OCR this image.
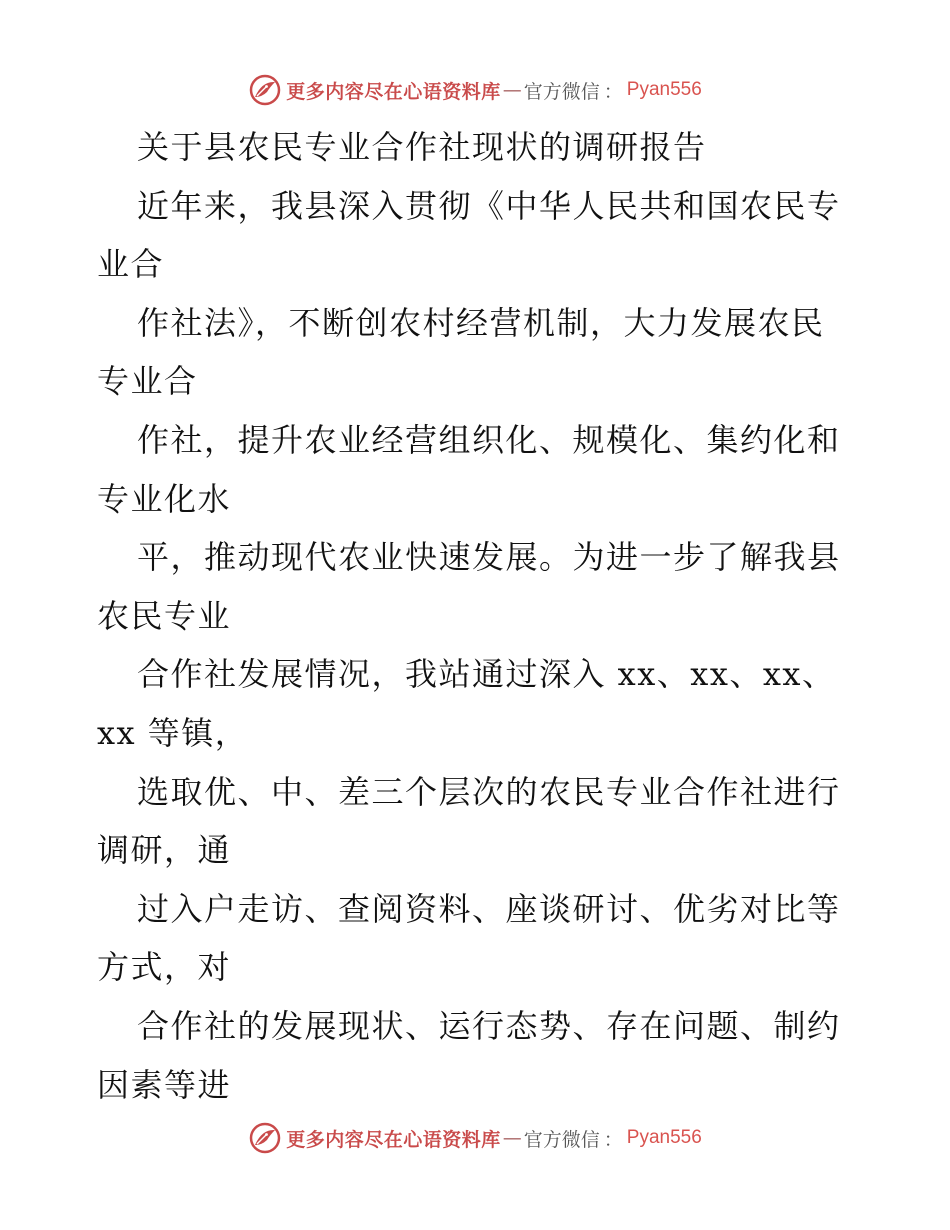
更多内容尽在心语资料库 — 官方微信 ： Pyan556
关于县农民专业合作社现状的调研报告
近年来，我县深入贯彻《中华人民共和国农民专
业合
作社法》，不断创农村经营机制，大力发展农民
专业合
作社，提升农业经营组织化、规模化、集约化和
专业化水
平，推动现代农业快速发展。为进一步了解我县
农民专业
合作社发展情况，我站通过深入 xx、xx、xx、
xx 等镇，
选取优、中、差三个层次的农民专业合作社进行
调研，通
过入户走访、查阅资料、座谈研讨、优劣对比等
方式，对
合作社的发展现状、运行态势、存在问题、制约
因素等进
更多内容尽在心语资料库 — 官方微信 ： Pyan556
